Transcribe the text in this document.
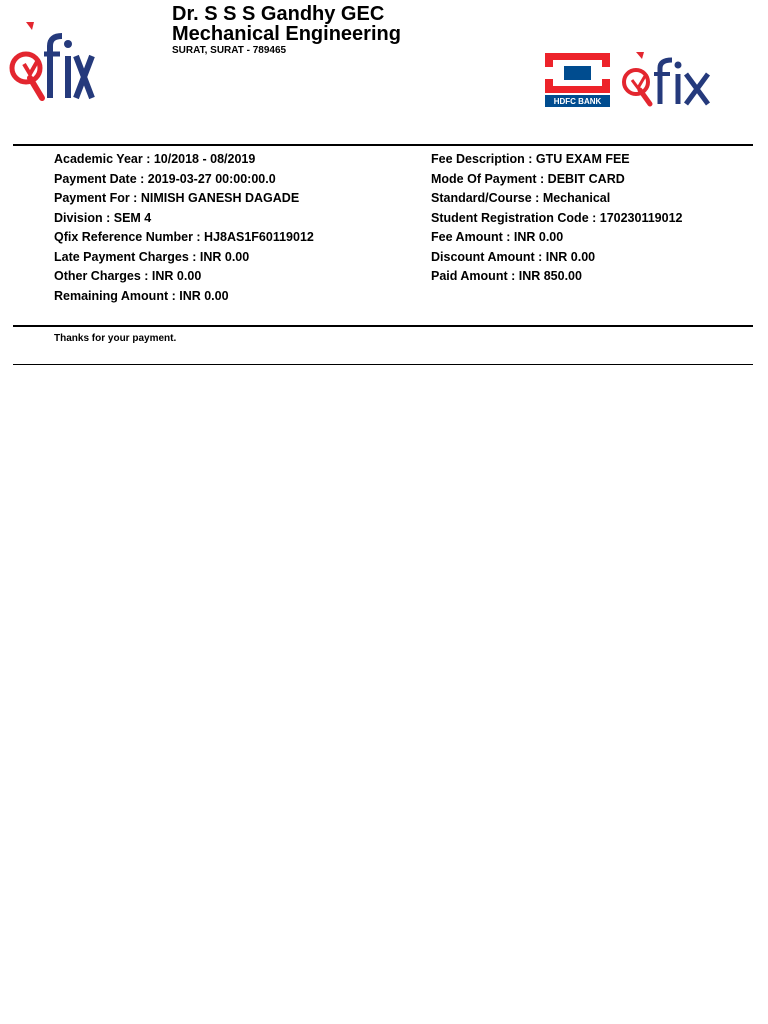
Dr. S S S Gandhy GEC
Mechanical Engineering
SURAT, SURAT - 789465
HDFC BANK
Academic Year : 10/2018 - 08/2019
Payment Date : 2019-03-27 00:00:00.0
Payment For : NIMISH GANESH DAGADE
Division : SEM 4
Qfix Reference Number : HJ8AS1F60119012
Late Payment Charges : INR 0.00
Other Charges : INR 0.00
Remaining Amount : INR 0.00
Fee Description : GTU EXAM FEE
Mode Of Payment : DEBIT CARD
Standard/Course : Mechanical
Student Registration Code : 170230119012
Fee Amount : INR 0.00
Discount Amount : INR 0.00
Paid Amount : INR 850.00
Thanks for your payment.
